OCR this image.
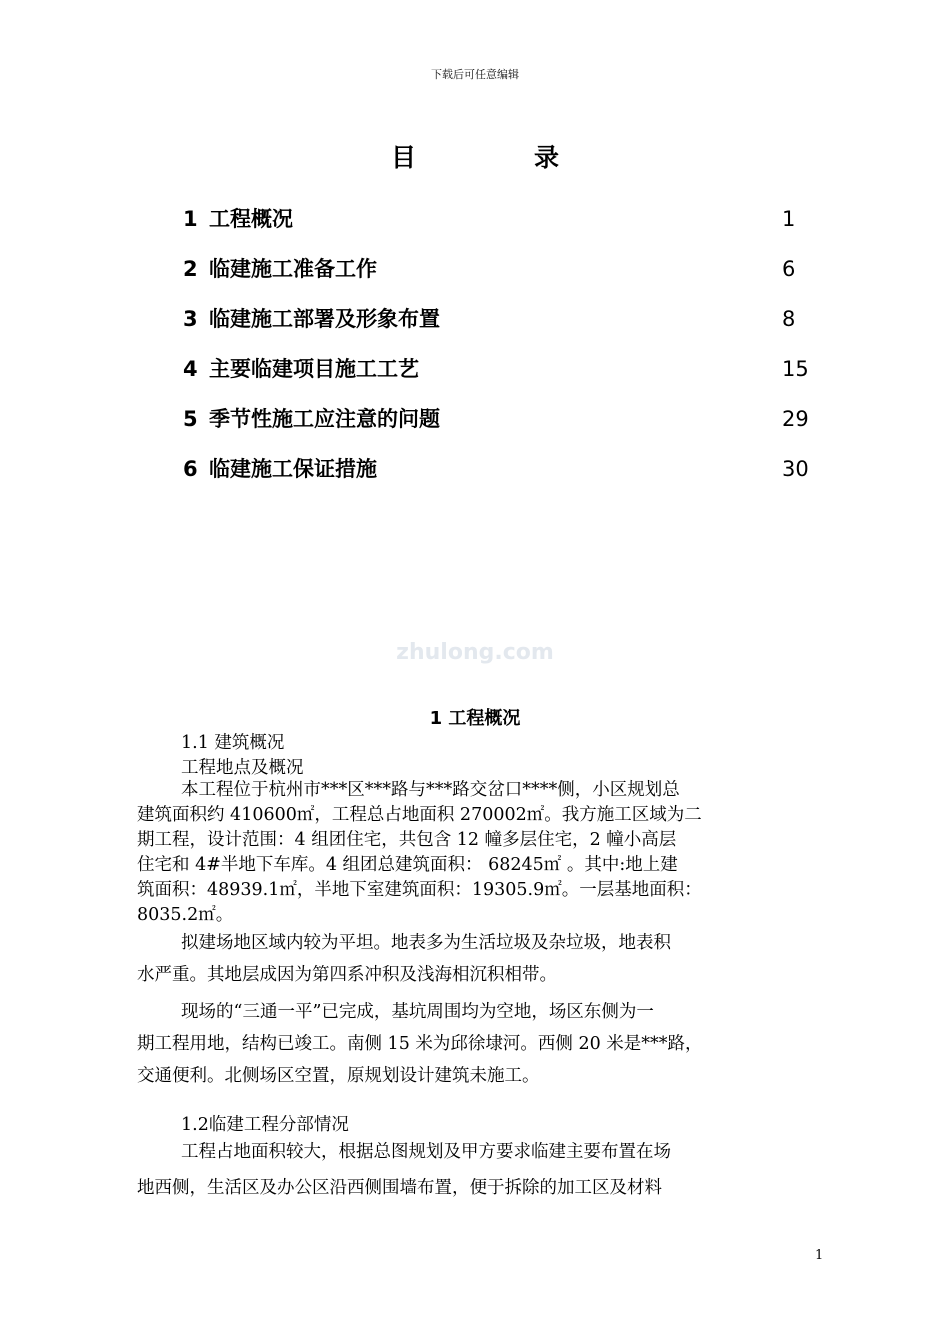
下载后可任意编辑
目	录
1 工程概况	1
2 临建施工准备工作	6
3 临建施工部署及形象布置	8
4 主要临建项目施工工艺	15
5 季节性施工应注意的问题	29
6 临建施工保证措施	30
zhulong.com
1 工程概况
1.1 建筑概况
工程地点及概况
本工程位于杭州市***区***路与***路交岔口****侧，小区规划总
建筑面积约 410600㎡，工程总占地面积 270002㎡。我方施工区域为二
期工程，设计范围：4 组团住宅，共包含 12 幢多层住宅，2 幢小高层
住宅和 4#半地下车库。4 组团总建筑面积： 68245㎡ 。其中:地上建
筑面积：48939.1㎡，半地下室建筑面积：19305.9㎡。一层基地面积：
8035.2㎡。
拟建场地区域内较为平坦。地表多为生活垃圾及杂垃圾，地表积
水严重。其地层成因为第四系冲积及浅海相沉积相带。
现场的“三通一平”已完成，基坑周围均为空地，场区东侧为一
期工程用地，结构已竣工。南侧 15 米为邱徐埭河。西侧 20 米是***路，
交通便利。北侧场区空置，原规划设计建筑未施工。
1.2临建工程分部情况
工程占地面积较大，根据总图规划及甲方要求临建主要布置在场
地西侧，生活区及办公区沿西侧围墙布置，便于拆除的加工区及材料
1
